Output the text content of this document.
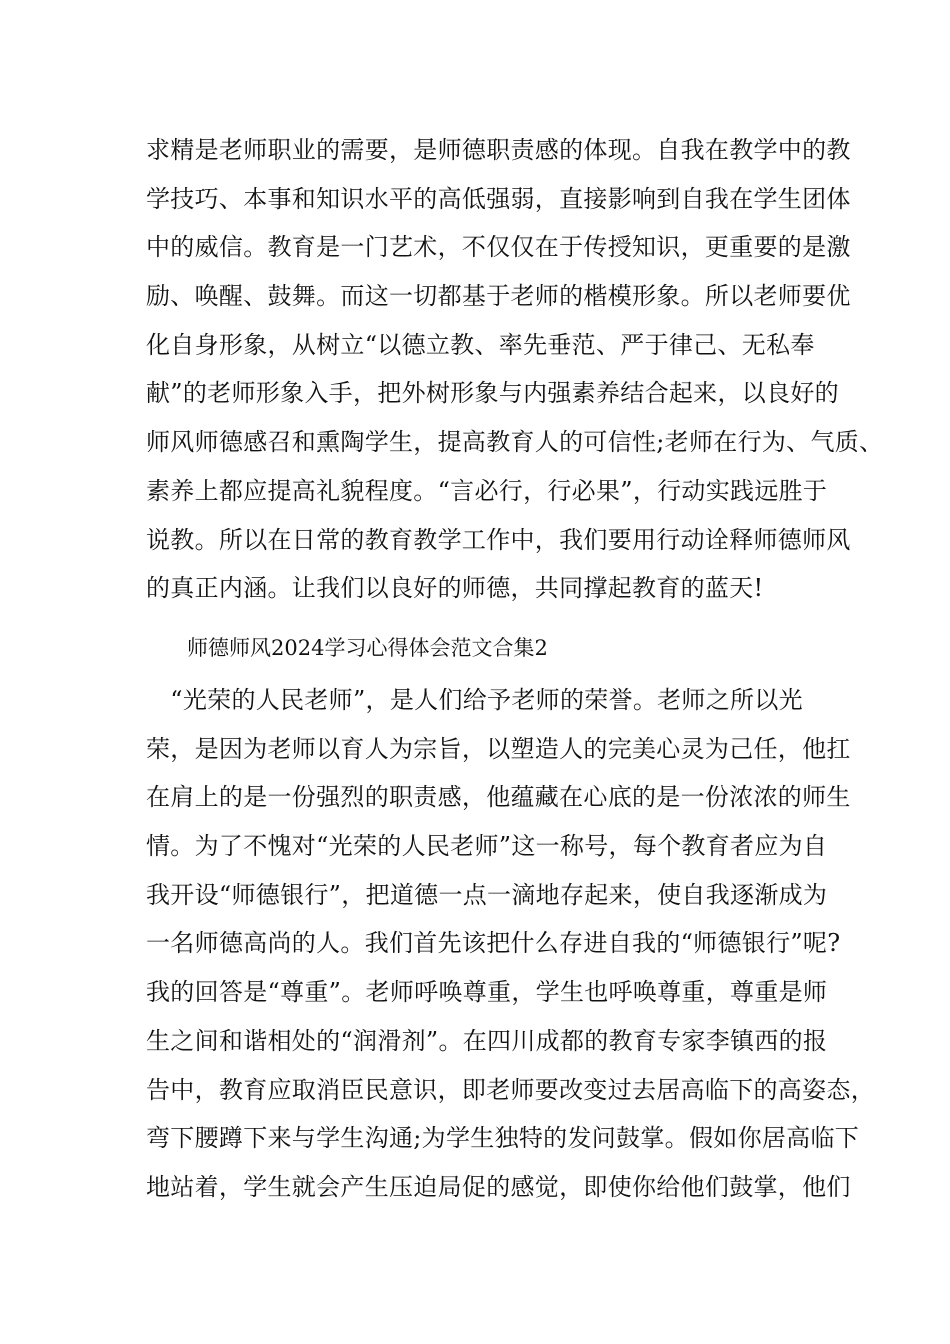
求精是老师职业的需要，是师德职责感的体现。自我在教学中的教
学技巧、本事和知识水平的高低强弱，直接影响到自我在学生团体
中的威信。教育是一门艺术，不仅仅在于传授知识，更重要的是激
励、唤醒、鼓舞。而这一切都基于老师的楷模形象。所以老师要优
化自身形象，从树立“以德立教、率先垂范、严于律己、无私奉
献”的老师形象入手，把外树形象与内强素养结合起来，以良好的
师风师德感召和熏陶学生，提高教育人的可信性;老师在行为、气质、
素养上都应提高礼貌程度。“言必行，行必果”，行动实践远胜于
说教。所以在日常的教育教学工作中，我们要用行动诠释师德师风
的真正内涵。让我们以良好的师德，共同撑起教育的蓝天!
师德师风2024学习心得体会范文合集2
　“光荣的人民老师”，是人们给予老师的荣誉。老师之所以光
荣，是因为老师以育人为宗旨，以塑造人的完美心灵为己任，他扛
在肩上的是一份强烈的职责感，他蕴藏在心底的是一份浓浓的师生
情。为了不愧对“光荣的人民老师”这一称号，每个教育者应为自
我开设“师德银行”，把道德一点一滴地存起来，使自我逐渐成为
一名师德高尚的人。我们首先该把什么存进自我的“师德银行”呢?
我的回答是“尊重”。老师呼唤尊重，学生也呼唤尊重，尊重是师
生之间和谐相处的“润滑剂”。在四川成都的教育专家李镇西的报
告中，教育应取消臣民意识，即老师要改变过去居高临下的高姿态，
弯下腰蹲下来与学生沟通;为学生独特的发问鼓掌。假如你居高临下
地站着，学生就会产生压迫局促的感觉，即使你给他们鼓掌，他们
